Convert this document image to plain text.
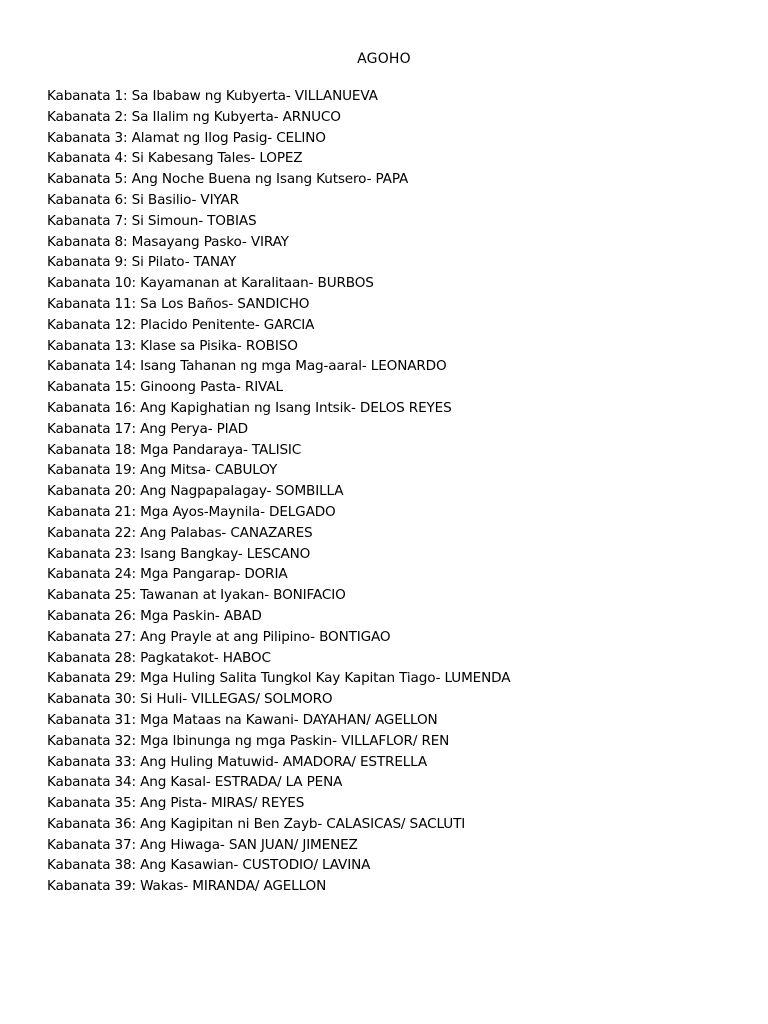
AGOHO
Kabanata 1: Sa Ibabaw ng Kubyerta- VILLANUEVA
Kabanata 2: Sa Ilalim ng Kubyerta- ARNUCO
Kabanata 3: Alamat ng Ilog Pasig- CELINO
Kabanata 4: Si Kabesang Tales- LOPEZ
Kabanata 5: Ang Noche Buena ng Isang Kutsero- PAPA
Kabanata 6: Si Basilio- VIYAR
Kabanata 7: Si Simoun- TOBIAS
Kabanata 8: Masayang Pasko- VIRAY
Kabanata 9: Si Pilato- TANAY
Kabanata 10: Kayamanan at Karalitaan- BURBOS
Kabanata 11: Sa Los Baños- SANDICHO
Kabanata 12: Placido Penitente- GARCIA
Kabanata 13: Klase sa Pisika- ROBISO
Kabanata 14: Isang Tahanan ng mga Mag-aaral- LEONARDO
Kabanata 15: Ginoong Pasta- RIVAL
Kabanata 16: Ang Kapighatian ng Isang Intsik- DELOS REYES
Kabanata 17: Ang Perya- PIAD
Kabanata 18: Mga Pandaraya- TALISIC
Kabanata 19: Ang Mitsa- CABULOY
Kabanata 20: Ang Nagpapalagay- SOMBILLA
Kabanata 21: Mga Ayos-Maynila- DELGADO
Kabanata 22: Ang Palabas- CANAZARES
Kabanata 23: Isang Bangkay- LESCANO
Kabanata 24: Mga Pangarap- DORIA
Kabanata 25: Tawanan at Iyakan- BONIFACIO
Kabanata 26: Mga Paskin- ABAD
Kabanata 27: Ang Prayle at ang Pilipino- BONTIGAO
Kabanata 28: Pagkatakot- HABOC
Kabanata 29: Mga Huling Salita Tungkol Kay Kapitan Tiago- LUMENDA
Kabanata 30: Si Huli- VILLEGAS/ SOLMORO
Kabanata 31: Mga Mataas na Kawani- DAYAHAN/ AGELLON
Kabanata 32: Mga Ibinunga ng mga Paskin- VILLAFLOR/ REN
Kabanata 33: Ang Huling Matuwid- AMADORA/ ESTRELLA
Kabanata 34: Ang Kasal- ESTRADA/ LA PENA
Kabanata 35: Ang Pista- MIRAS/ REYES
Kabanata 36: Ang Kagipitan ni Ben Zayb- CALASICAS/ SACLUTI
Kabanata 37: Ang Hiwaga- SAN JUAN/ JIMENEZ
Kabanata 38: Ang Kasawian- CUSTODIO/ LAVINA
Kabanata 39: Wakas- MIRANDA/ AGELLON
